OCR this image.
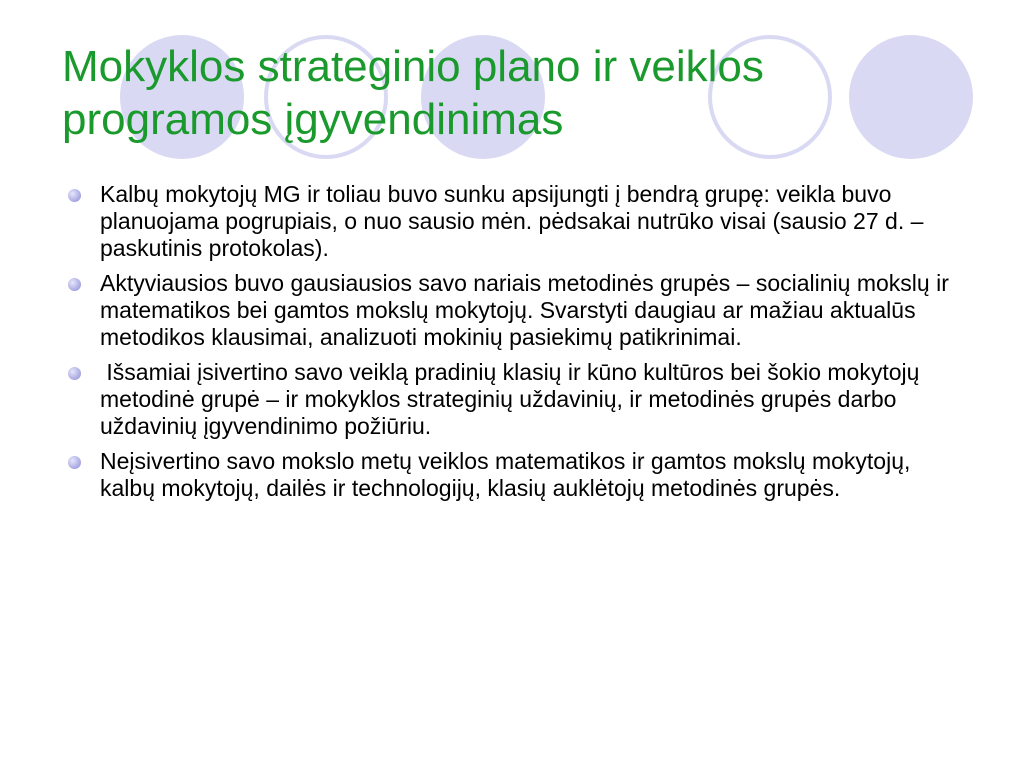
Mokyklos strateginio plano ir veiklos programos įgyvendinimas
Kalbų mokytojų MG ir toliau buvo sunku apsijungti į bendrą grupę: veikla buvo planuojama pogrupiais, o nuo sausio mėn. pėdsakai nutrūko visai (sausio 27 d. – paskutinis protokolas).
Aktyviausios buvo gausiausios savo nariais metodinės grupės – socialinių mokslų ir matematikos bei gamtos mokslų mokytojų. Svarstyti daugiau ar mažiau aktualūs metodikos klausimai, analizuoti mokinių pasiekimų patikrinimai.
Išsamiai įsivertino savo veiklą pradinių klasių ir kūno kultūros bei šokio mokytojų metodinė grupė – ir mokyklos strateginių uždavinių, ir metodinės grupės darbo uždavinių įgyvendinimo požiūriu.
Neįsivertino savo mokslo metų veiklos matematikos ir gamtos mokslų mokytojų, kalbų mokytojų, dailės ir technologijų, klasių auklėtojų metodinės grupės.
